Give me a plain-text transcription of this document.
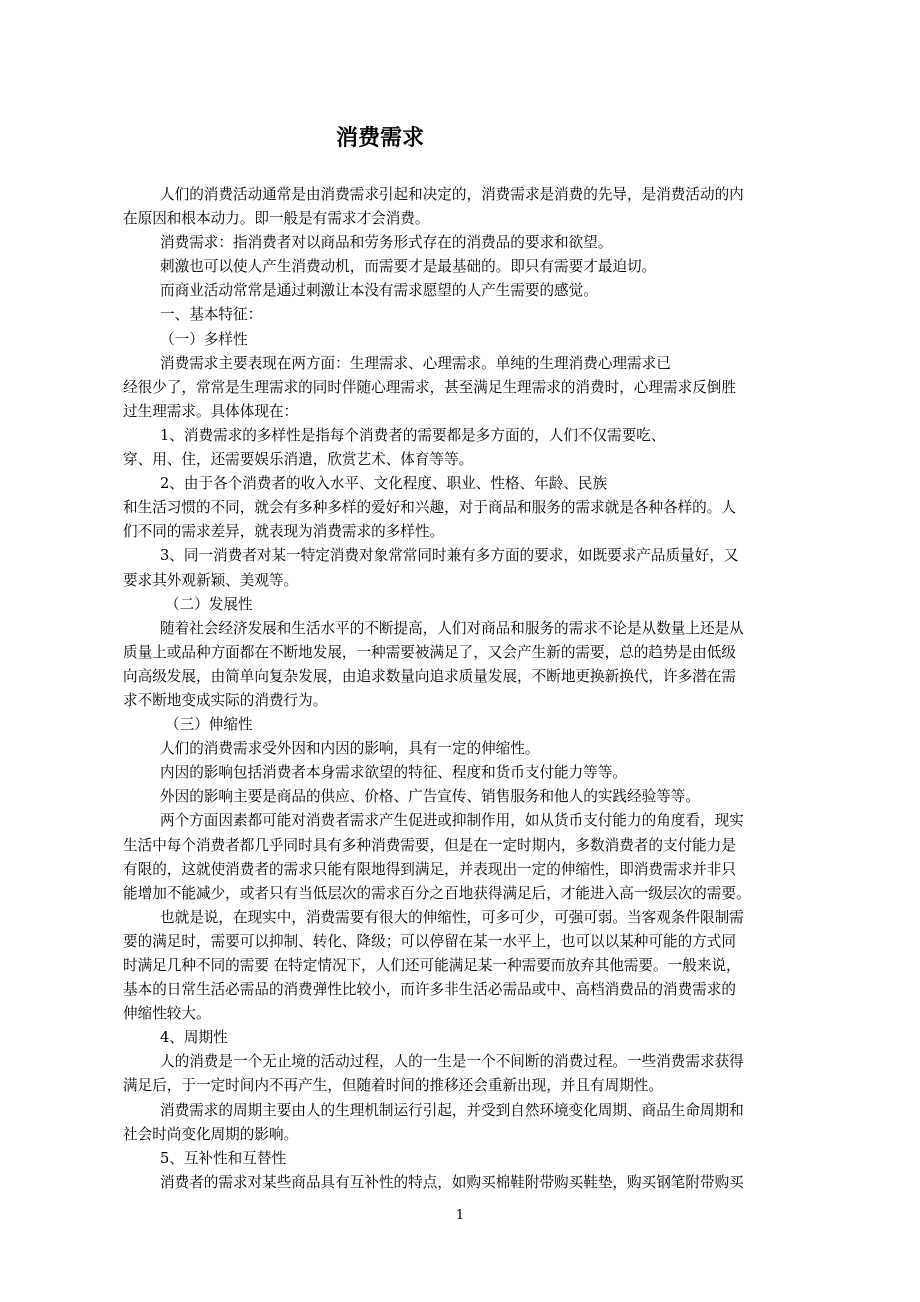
消费需求

人们的消费活动通常是由消费需求引起和决定的，消费需求是消费的先导，是消费活动的内

在原因和根本动力。即一般是有需求才会消费。

消费需求：指消费者对以商品和劳务形式存在的消费品的要求和欲望。

刺激也可以使人产生消费动机，而需要才是最基础的。即只有需要才最迫切。

而商业活动常常是通过刺激让本没有需求愿望的人产生需要的感觉。

一、基本特征：

（一）多样性

消费需求主要表现在两方面：生理需求、心理需求。单纯的生理消费心理需求已

经很少了，常常是生理需求的同时伴随心理需求，甚至满足生理需求的消费时，心理需求反倒胜

过生理需求。具体体现在：

1、消费需求的多样性是指每个消费者的需要都是多方面的，人们不仅需要吃、

穿、用、住，还需要娱乐消遣，欣赏艺术、体育等等。

2、由于各个消费者的收入水平、文化程度、职业、性格、年龄、民族

和生活习惯的不同，就会有多种多样的爱好和兴趣，对于商品和服务的需求就是各种各样的。人

们不同的需求差异，就表现为消费需求的多样性。

3、同一消费者对某一特定消费对象常常同时兼有多方面的要求，如既要求产品质量好，又

要求其外观新颖、美观等。

（二）发展性

随着社会经济发展和生活水平的不断提高，人们对商品和服务的需求不论是从数量上还是从

质量上或品种方面都在不断地发展，一种需要被满足了，又会产生新的需要，总的趋势是由低级

向高级发展，由简单向复杂发展，由追求数量向追求质量发展，不断地更换新换代，许多潜在需

求不断地变成实际的消费行为。

（三）伸缩性

人们的消费需求受外因和内因的影响，具有一定的伸缩性。

内因的影响包括消费者本身需求欲望的特征、程度和货币支付能力等等。

外因的影响主要是商品的供应、价格、广告宣传、销售服务和他人的实践经验等等。

两个方面因素都可能对消费者需求产生促进或抑制作用，如从货币支付能力的角度看，现实

生活中每个消费者都几乎同时具有多种消费需要，但是在一定时期内，多数消费者的支付能力是

有限的，这就使消费者的需求只能有限地得到满足，并表现出一定的伸缩性，即消费需求并非只

能增加不能减少，或者只有当低层次的需求百分之百地获得满足后，才能进入高一级层次的需要。

也就是说，在现实中，消费需要有很大的伸缩性，可多可少，可强可弱。当客观条件限制需

要的满足时，需要可以抑制、转化、降级；可以停留在某一水平上，也可以以某种可能的方式同

时满足几种不同的需要 在特定情况下，人们还可能满足某一种需要而放弃其他需要。一般来说，

基本的日常生活必需品的消费弹性比较小，而许多非生活必需品或中、高档消费品的消费需求的

伸缩性较大。

4、周期性

人的消费是一个无止境的活动过程，人的一生是一个不间断的消费过程。一些消费需求获得

满足后，于一定时间内不再产生，但随着时间的推移还会重新出现，并且有周期性。

消费需求的周期主要由人的生理机制运行引起，并受到自然环境变化周期、商品生命周期和

社会时尚变化周期的影响。

5、互补性和互替性

消费者的需求对某些商品具有互补性的特点，如购买棉鞋附带购买鞋垫，购买钢笔附带购买

1
